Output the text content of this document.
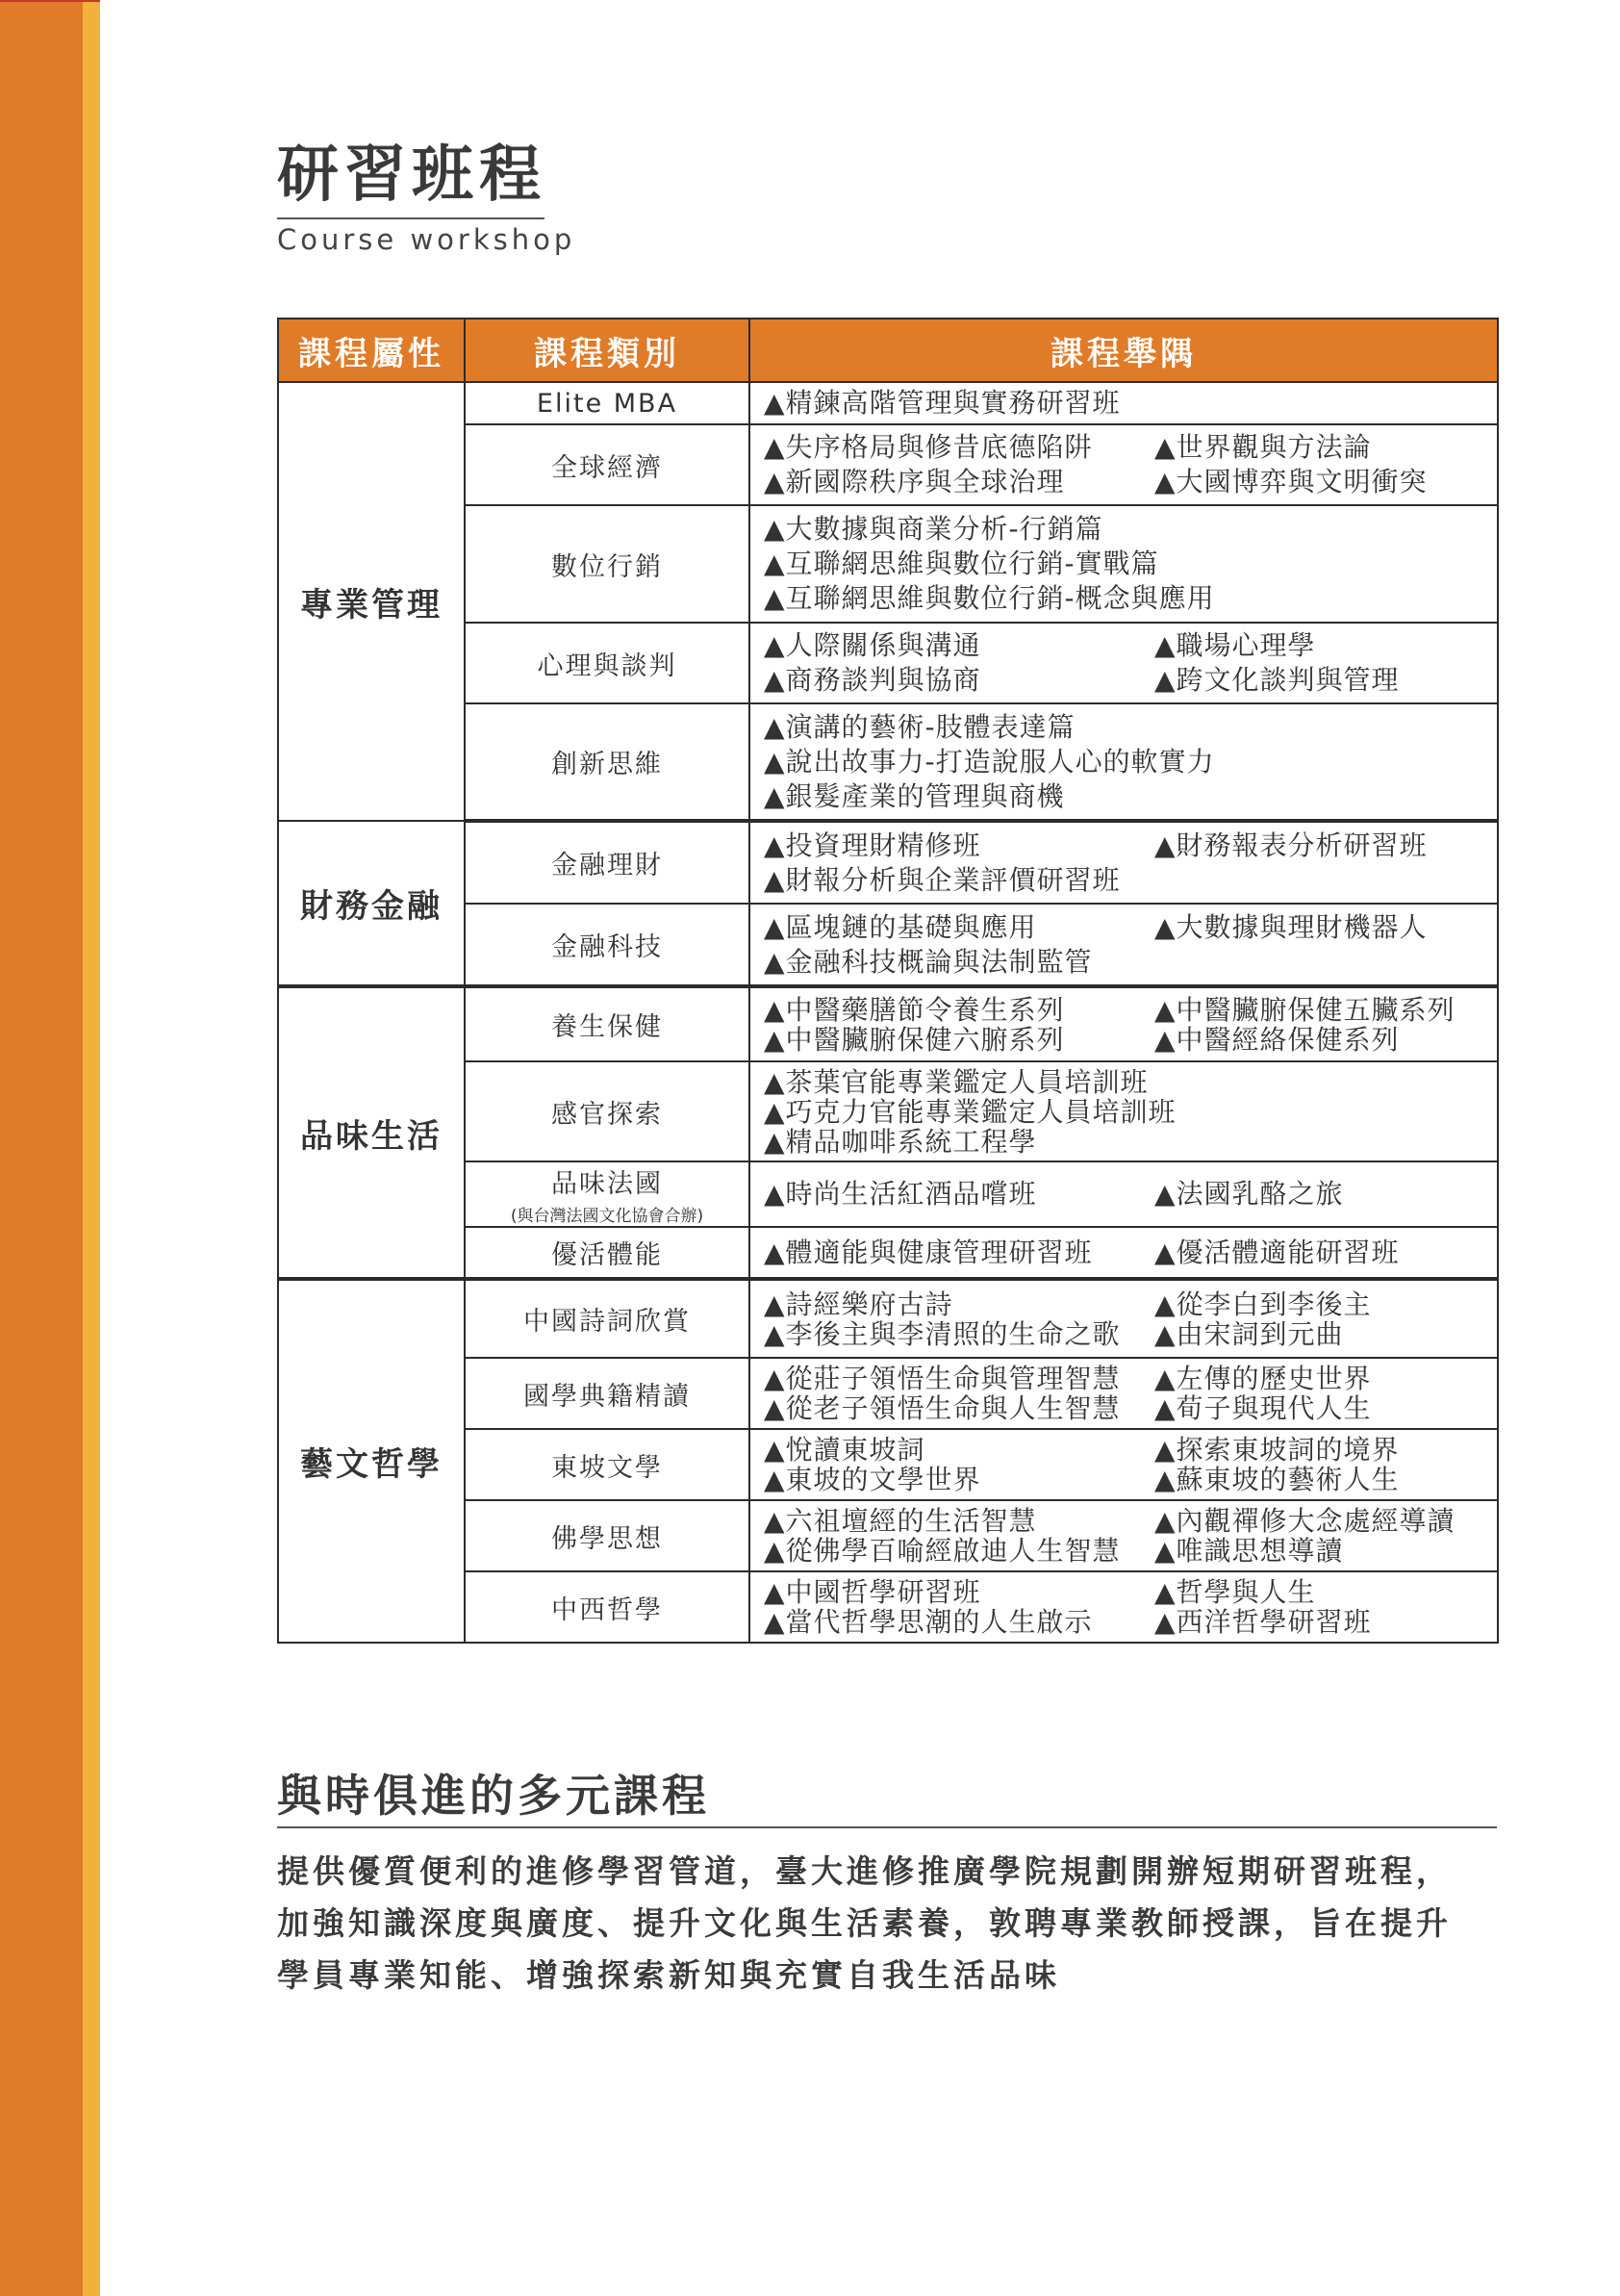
研習班程
Course workshop
課程屬性	課程類別	課程舉隅
專業管理	Elite MBA	▲精鍊高階管理與實務研習班

	全球經濟	▲失序格局與修昔底德陷阱 ▲世界觀與方法論
▲新國際秩序與全球治理 ▲大國博弈與文明衝突

	數位行銷	▲大數據與商業分析-行銷篇
▲互聯網思維與數位行銷-實戰篇
▲互聯網思維與數位行銷-概念與應用

	心理與談判	▲人際關係與溝通 ▲職場心理學
▲商務談判與協商 ▲跨文化談判與管理

	創新思維	▲演講的藝術-肢體表達篇
▲說出故事力-打造說服人心的軟實力
▲銀髮產業的管理與商機

財務金融	金融理財	▲投資理財精修班 ▲財務報表分析研習班
▲財報分析與企業評價研習班

	金融科技	▲區塊鏈的基礎與應用 ▲大數據與理財機器人
▲金融科技概論與法制監管

品味生活	養生保健	▲中醫藥膳節令養生系列 ▲中醫臟腑保健五臟系列
▲中醫臟腑保健六腑系列 ▲中醫經絡保健系列

	感官探索	▲茶葉官能專業鑑定人員培訓班
▲巧克力官能專業鑑定人員培訓班
▲精品咖啡系統工程學

	品味法國
(與台灣法國文化協會合辦)	▲時尚生活紅酒品嚐班 ▲法國乳酪之旅

	優活體能	▲體適能與健康管理研習班 ▲優活體適能研習班

藝文哲學	中國詩詞欣賞	▲詩經樂府古詩 ▲從李白到李後主
▲李後主與李清照的生命之歌 ▲由宋詞到元曲

	國學典籍精讀	▲從莊子領悟生命與管理智慧 ▲左傳的歷史世界
▲從老子領悟生命與人生智慧 ▲荀子與現代人生

	東坡文學	▲悅讀東坡詞 ▲探索東坡詞的境界
▲東坡的文學世界 ▲蘇東坡的藝術人生

	佛學思想	▲六祖壇經的生活智慧 ▲內觀禪修大念處經導讀
▲從佛學百喻經啟迪人生智慧 ▲唯識思想導讀

	中西哲學	▲中國哲學研習班 ▲哲學與人生
▲當代哲學思潮的人生啟示 ▲西洋哲學研習班
與時俱進的多元課程
提供優質便利的進修學習管道，臺大進修推廣學院規劃開辦短期研習班程，
加強知識深度與廣度、提升文化與生活素養，敦聘專業教師授課，旨在提升
學員專業知能、增強探索新知與充實自我生活品味
